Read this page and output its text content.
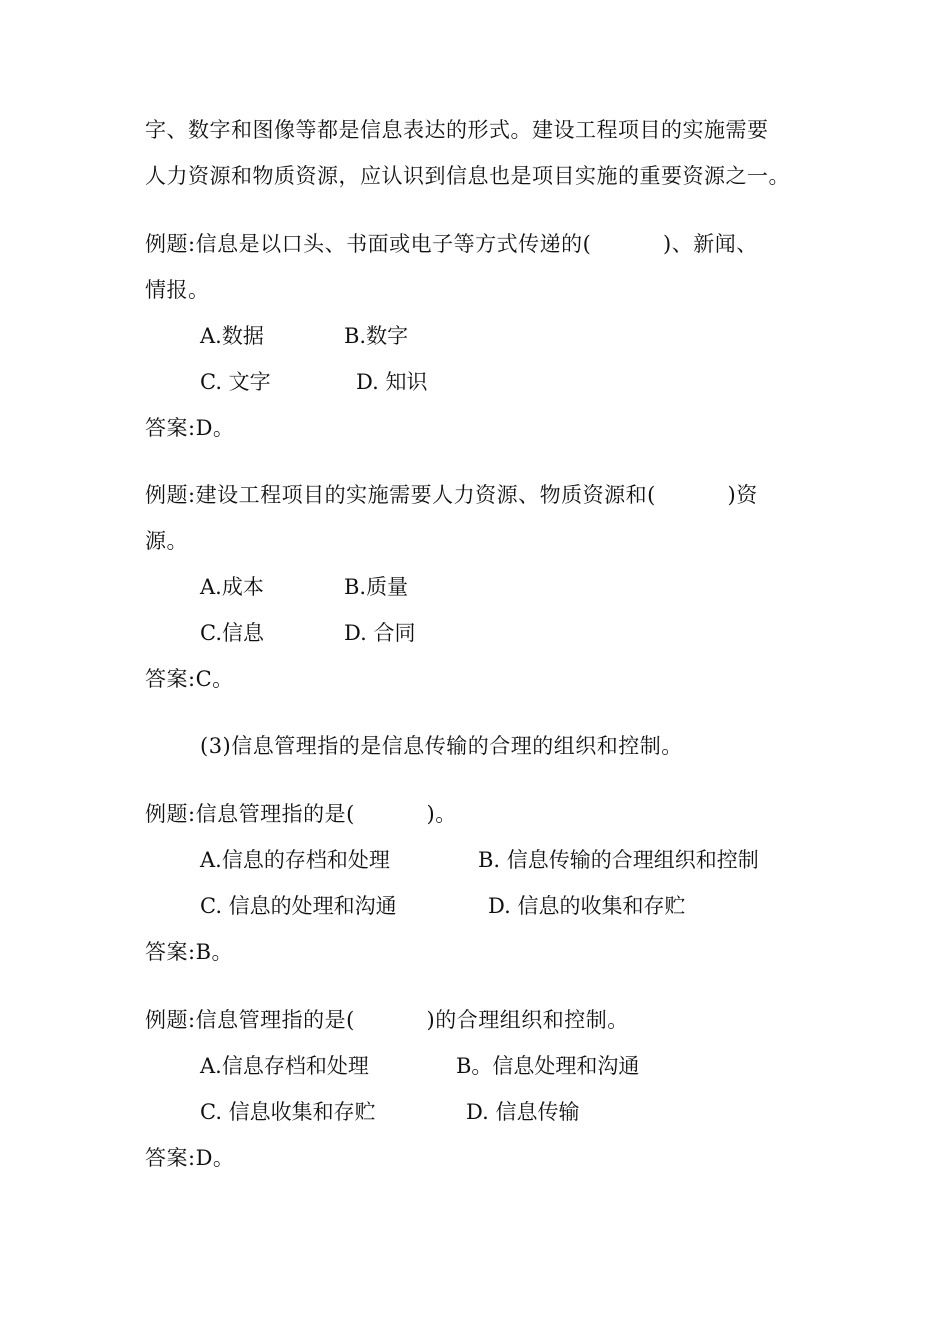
字、数字和图像等都是信息表达的形式。建设工程项目的实施需要
人力资源和物质资源，应认识到信息也是项目实施的重要资源之一。
例题:信息是以口头、书面或电子等方式传递的(          )、新闻、
情报。
A.数据	B.数字
C. 文字	D. 知识
答案:D。
例题:建设工程项目的实施需要人力资源、物质资源和(          )资
源。
A.成本	B.质量
C.信息	D. 合同
答案:C。
(3)信息管理指的是信息传输的合理的组织和控制。
例题:信息管理指的是(          )。
A.信息的存档和处理	B. 信息传输的合理组织和控制
C. 信息的处理和沟通	D. 信息的收集和存贮
答案:B。
例题:信息管理指的是(          )的合理组织和控制。
A.信息存档和处理	B。信息处理和沟通
C. 信息收集和存贮	D. 信息传输
答案:D。
